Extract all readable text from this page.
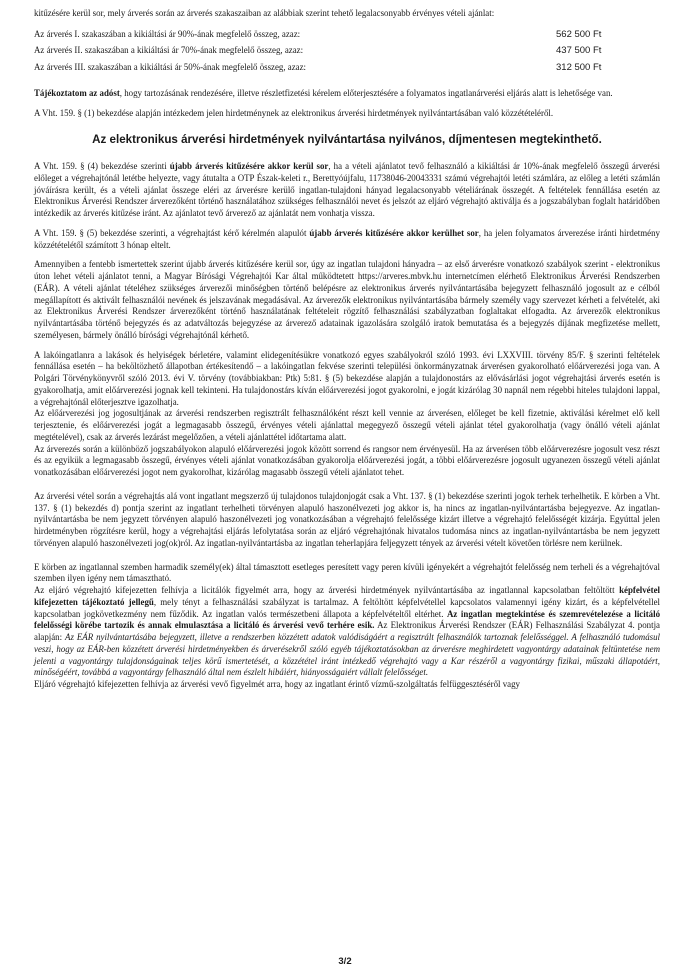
kitűzésére kerül sor, mely árverés során az árverés szakaszaiban az alábbiak szerint tehető legalacsonyabb érvényes vételi ajánlat:

Az árverés I. szakaszában a kikiáltási ár 90%-ának megfelelő összeg, azaz:	562 500 Ft
Az árverés II. szakaszában a kikiáltási ár 70%-ának megfelelő összeg, azaz:	437 500 Ft
Az árverés III. szakaszában a kikiáltási ár 50%-ának megfelelő összeg, azaz:	312 500 Ft

Tájékoztatom az adóst, hogy tartozásának rendezésére, illetve részletfizetési kérelem előterjesztésére a folyamatos ingatlanárverési eljárás alatt is lehetősége van.

A Vht. 159. § (1) bekezdése alapján intézkedem jelen hirdetménynek az elektronikus árverési hirdetmények nyilvántartásában való közzétételéről.

Az elektronikus árverési hirdetmények nyilvántartása nyilvános, díjmentesen megtekinthető.

A Vht. 159. § (4) bekezdése szerinti újabb árverés kitűzésére akkor kerül sor, ha a vételi ajánlatot tevő felhasználó a kikiáltási ár 10%-ának megfelelő összegű árverési előleget a végrehajtónál letétbe helyezte, vagy átutalta a OTP Észak-keleti r., Berettyóújfalu, 11738046-20043331 számú végrehajtói letéti számlára, az előleg a letéti számlán jóváírásra került, és a vételi ajánlat összege eléri az árverésre kerülő ingatlan-tulajdoni hányad legalacsonyabb vételiárának összegét. A feltételek fennállása esetén az Elektronikus Árverési Rendszer árverezőként történő használatához szükséges felhasználói nevet és jelszót az eljáró végrehajtó aktiválja és a jogszabályban foglalt határidőben intézkedik az árverés kitűzése iránt. Az ajánlatot tevő árverező az ajánlatát nem vonhatja vissza.

A Vht. 159. § (5) bekezdése szerinti, a végrehajtást kérő kérelmén alapulót újabb árverés kitűzésére akkor kerülhet sor, ha jelen folyamatos árverezése iránti hirdetmény közzétételétől számított 3 hónap eltelt.

Amennyiben a fentebb ismertettek szerint újabb árverés kitűzésére kerül sor, úgy az ingatlan tulajdoni hányadra – az első árverésre vonatkozó szabályok szerint - elektronikus úton lehet vételi ajánlatot tenni, a Magyar Bírósági Végrehajtói Kar által működtetett https://arveres.mbvk.hu internetcímen elérhető Elektronikus Árverési Rendszerben (EÁR). A vételi ajánlat tételéhez szükséges árverezői minőségben történő belépésre az elektronikus árverés nyilvántartásába bejegyzett felhasználó jogosult az e célból megállapított és aktivált felhasználói nevének és jelszavának megadásával. Az árverezők elektronikus nyilvántartásába bármely személy vagy szervezet kérheti a felvételét, aki az Elektronikus Árverési Rendszer árverezőként történő használatának feltételeit rögzítő felhasználási szabályzatban foglaltakat elfogadta. Az árverezők elektronikus nyilvántartásába történő bejegyzés és az adatváltozás bejegyzése az árverező adatainak igazolására szolgáló iratok bemutatása és a bejegyzés díjának megfizetése mellett, személyesen, bármely önálló bírósági végrehajtónál kérhető.

A lakóingatlanra a lakások és helyiségek bérletére, valamint elidegenítésükre vonatkozó egyes szabályokról szóló 1993. évi LXXVIII. törvény 85/F. § szerinti feltételek fennállása esetén – ha beköltözhető állapotban értékesítendő – a lakóingatlan fekvése szerinti települési önkormányzatnak árverésen gyakorolható előárverezési joga van. A Polgári Törvénykönyvről szóló 2013. évi V. törvény (továbbiakban: Ptk) 5:81. § (5) bekezdése alapján a tulajdonostárs az elővásárlási jogot végrehajtási árverés esetén is gyakorolhatja, amit előárverezési jognak kell tekinteni. Ha tulajdonostárs kíván előárverezési jogot gyakorolni, e jogát kizárólag 30 napnál nem régebbi hiteles tulajdoni lappal, a végrehajtónál előterjesztve igazolhatja.

Az előárverezési jog jogosultjának az árverési rendszerben regisztrált felhasználóként részt kell vennie az árverésen, előleget be kell fizetnie, aktiválási kérelmet elő kell terjesztenie, és előárverezési jogát a legmagasabb összegű, érvényes vételi ajánlattal megegyező összegű vételi ajánlat tétel gyakorolhatja (vagy önálló vételi ajánlat megtételével), csak az árverés lezárást megelőzően, a vételi ajánlattétel időtartama alatt.

Az árverezés során a különböző jogszabályokon alapuló előárverezési jogok között sorrend és rangsor nem érvényesül. Ha az árverésen több előárverezésre jogosult vesz részt és az egyikük a legmagasabb összegű, érvényes vételi ajánlat vonatkozásában gyakorolja előárverezési jogát, a többi előárverezésre jogosult ugyanezen összegű vételi ajánlat vonatkozásában előárverezési jogot nem gyakorolhat, kizárólag magasabb összegű vételi ajánlatot tehet.

Az árverési vétel során a végrehajtás alá vont ingatlant megszerző új tulajdonos tulajdonjogát csak a Vht. 137. § (1) bekezdése szerinti jogok terhek terhelhetik. E körben a Vht. 137. § (1) bekezdés d) pontja szerint az ingatlant terhelheti törvényen alapuló haszonélvezeti jog akkor is, ha nincs az ingatlan-nyilvántartásba bejegyezve. Az ingatlan-nyilvántartásba be nem jegyzett törvényen alapuló haszonélvezeti jog vonatkozásában a végrehajtó felelőssége kizárt illetve a végrehajtó felelősségét kizárja. Egyúttal jelen hirdetményben rögzítésre kerül, hogy a végrehajtási eljárás lefolytatása során az eljáró végrehajtónak hivatalos tudomása nincs az ingatlan-nyilvántartásba be nem jegyzett törvényen alapuló haszonélvezeti jog(ok)ról. Az ingatlan-nyilvántartásba az ingatlan teherlapjára feljegyzett tények az árverési vételt követően törlésre nem kerülnek.

E körben az ingatlannal szemben harmadik személy(ek) által támasztott esetleges peresített vagy peren kívüli igényekért a végrehajtót felelősség nem terheli és a végrehajtóval szemben ilyen igény nem támasztható.

Az eljáró végrehajtó kifejezetten felhívja a licitálók figyelmét arra, hogy az árverési hirdetmények nyilvántartásába az ingatlannal kapcsolatban feltöltött képfelvétel kifejezetten tájékoztató jellegű, mely tényt a felhasználási szabályzat is tartalmaz. A feltöltött képfelvétellel kapcsolatos valamennyi igény kizárt, és a képfelvétellel kapcsolatban jogkövetkezmény nem fűződik. Az ingatlan valós természetbeni állapota a képfelvételtől eltérhet. Az ingatlan megtekintése és szemrevételezése a licitáló felelősségi körébe tartozik és annak elmulasztása a licitáló és árverési vevő terhére esik. Az Elektronikus Árverési Rendszer (EÁR) Felhasználási Szabályzat 4. pontja alapján: Az EÁR nyilvántartásába bejegyzett, illetve a rendszerben közzétett adatok valódiságáért a regisztrált felhasználók tartoznak felelősséggel. A felhasználó tudomásul veszi, hogy az EÁR-ben közzétett árverési hirdetményekben és árverésekről szóló egyéb tájékoztatásokban az árverésre meghirdetett vagyontárgy adatainak feltüntetése nem jelenti a vagyontárgy tulajdonságainak teljes körű ismertetését, a közzététel iránt intézkedő végrehajtó vagy a Kar részéről a vagyontárgy fizikai, műszaki állapotáért, minőségéért, továbbá a vagyontárgy felhasználó által nem észlelt hibáiért, hiányosságaiért vállalt felelősséget.

Eljáró végrehajtó kifejezetten felhívja az árverési vevő figyelmét arra, hogy az ingatlant érintő vízmű-szolgáltatás felfüggesztéséről vagy

3/2
